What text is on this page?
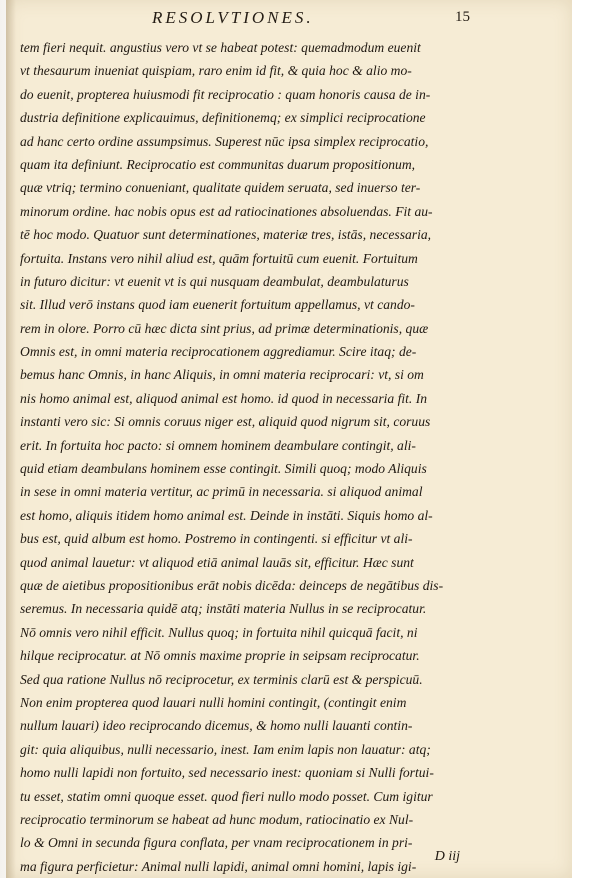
RESOLVTIONES.	15
tem fieri nequit. angustius vero vt se habeat potest: quemadmodum euenit
vt thesaurum inueniat quispiam, raro enim id fit, & quia hoc & alio mo-
do euenit, propterea huiusmodi fit reciprocatio : quam honoris causa de in-
dustria definitione explicauimus, definitionemq; ex simplici reciprocatione
ad hanc certo ordine assumpsimus. Superest nūc ipsa simplex reciprocatio,
quam ita definiunt. Reciprocatio est communitas duarum propositionum,
quæ vtriq; termino conueniant, qualitate quidem seruata, sed inuerso ter-
minorum ordine. hac nobis opus est ad ratiocinationes absoluendas. Fit au-
tē hoc modo. Quatuor sunt determinationes, materiæ tres, istās, necessaria,
fortuita. Instans vero nihil aliud est, quām fortuitū cum euenit. Fortuitum
in futuro dicitur: vt euenit vt is qui nusquam deambulat, deambulaturus
sit. Illud verō instans quod iam euenerit fortuitum appellamus, vt cando-
rem in olore. Porro cū hæc dicta sint prius, ad primæ determinationis, quæ
Omnis est, in omni materia reciprocationem aggrediamur. Scire itaq; de-
bemus hanc Omnis, in hanc Aliquis, in omni materia reciprocari: vt, si om
nis homo animal est, aliquod animal est homo. id quod in necessaria fit. In
instanti vero sic: Si omnis coruus niger est, aliquid quod nigrum sit, coruus
erit. In fortuita hoc pacto: si omnem hominem deambulare contingit, ali-
quid etiam deambulans hominem esse contingit. Simili quoq; modo Aliquis
in sese in omni materia vertitur, ac primū in necessaria. si aliquod animal
est homo, aliquis itidem homo animal est. Deinde in instāti. Siquis homo al-
bus est, quid album est homo. Postremo in contingenti. si efficitur vt ali-
quod animal lauetur: vt aliquod etiā animal lauās sit, efficitur. Hæc sunt
quæ de aietibus propositionibus erāt nobis dicēda: deinceps de negātibus dis-
seremus. In necessaria quidē atq; instāti materia Nullus in se reciprocatur.
Nō omnis vero nihil efficit. Nullus quoq; in fortuita nihil quicquā facit, ni
hilque reciprocatur. at Nō omnis maxime proprie in seipsam reciprocatur.
Sed qua ratione Nullus nō reciprocetur, ex terminis clarū est & perspicuū.
Non enim propterea quod lauari nulli homini contingit, (contingit enim
nullum lauari) ideo reciprocando dicemus, & homo nulli lauanti contin-
git: quia aliquibus, nulli necessario, inest. Iam enim lapis non lauatur: atq;
homo nulli lapidi non fortuito, sed necessario inest: quoniam si Nulli fortui-
tu esset, statim omni quoque esset. quod fieri nullo modo posset. Cum igitur
reciprocatio terminorum se habeat ad hunc modum, ratiocinatio ex Nul-
lo & Omni in secunda figura conflata, per vnam reciprocationem in pri-
ma figura perficietur: Animal nulli lapidi, animal omni homini, lapis igi-
D iij
